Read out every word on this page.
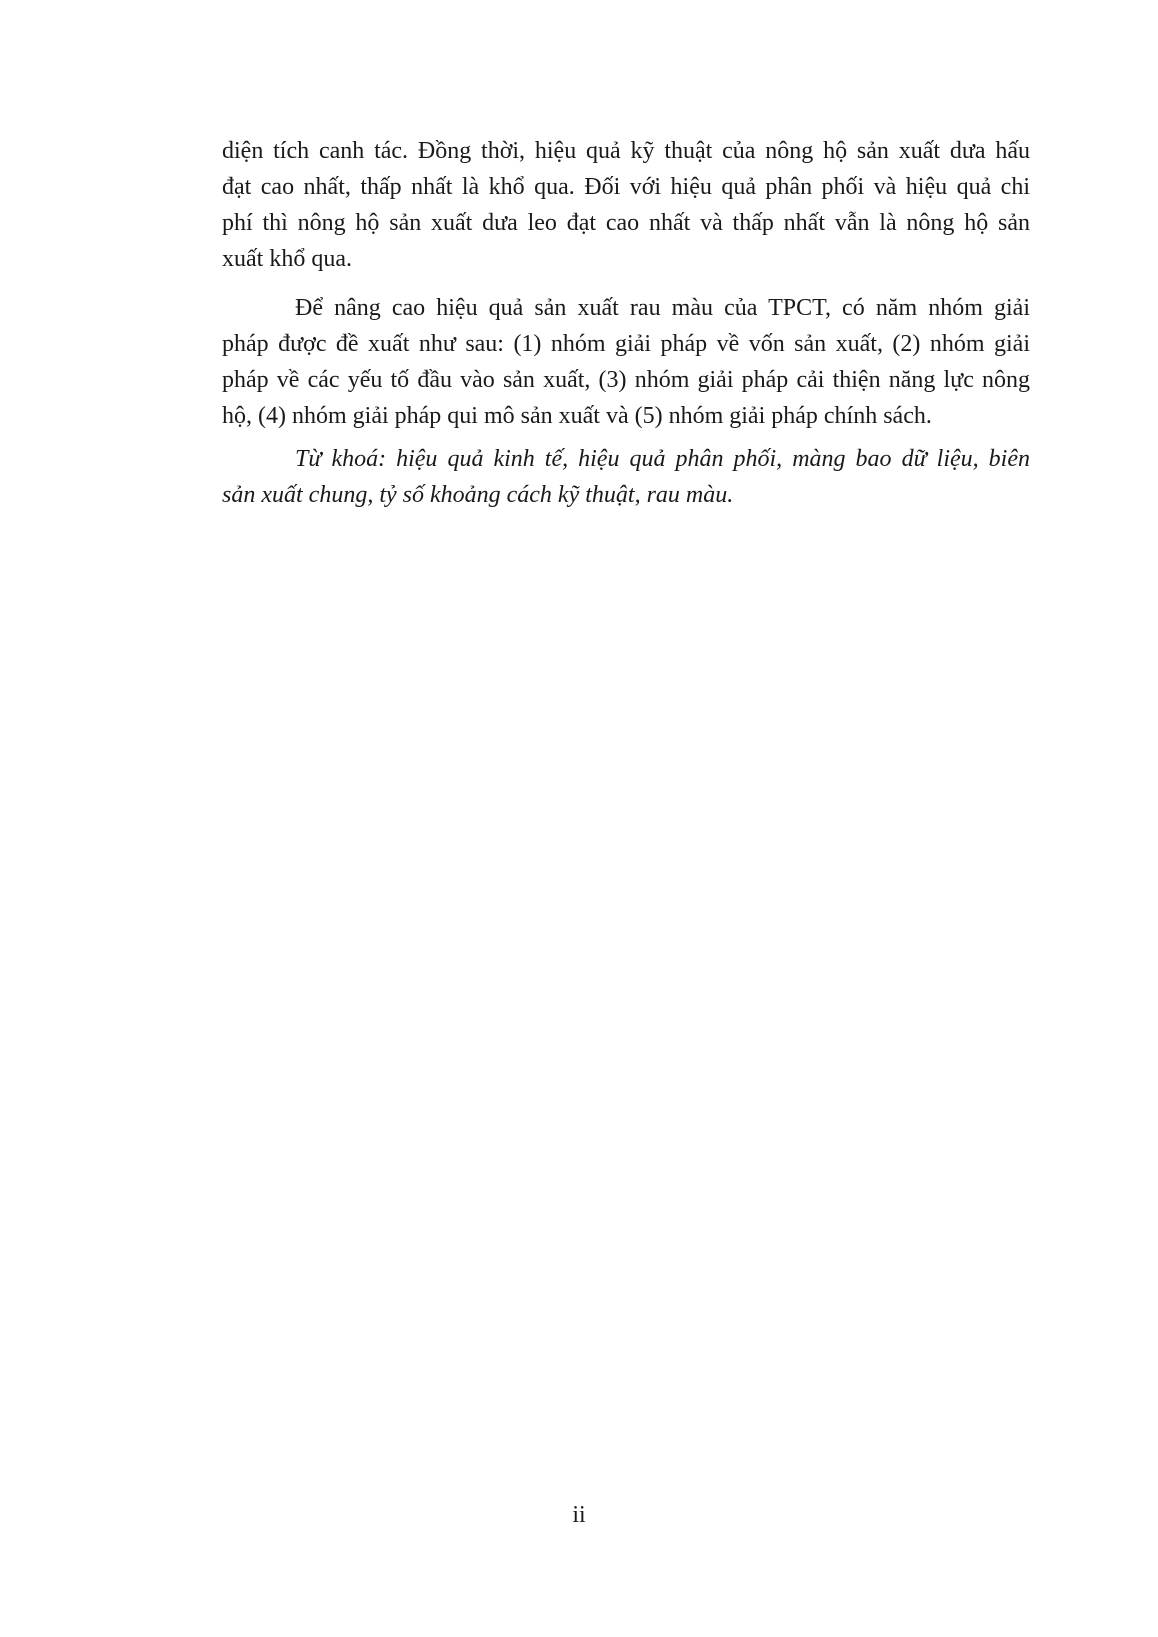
diện tích canh tác. Đồng thời, hiệu quả kỹ thuật của nông hộ sản xuất dưa hấu
đạt cao nhất, thấp nhất là khổ qua. Đối với hiệu quả phân phối và hiệu quả chi
phí thì nông hộ sản xuất dưa leo đạt cao nhất và thấp nhất vẫn là nông hộ sản
xuất khổ qua.
Để nâng cao hiệu quả sản xuất rau màu của TPCT, có năm nhóm giải
pháp được đề xuất như sau: (1) nhóm giải pháp về vốn sản xuất, (2) nhóm giải
pháp về các yếu tố đầu vào sản xuất, (3) nhóm giải pháp cải thiện năng lực nông
hộ, (4) nhóm giải pháp qui mô sản xuất và (5) nhóm giải pháp chính sách.
Từ khoá: hiệu quả kinh tế, hiệu quả phân phối, màng bao dữ liệu, biên
sản xuất chung, tỷ số khoảng cách kỹ thuật, rau màu.
ii
